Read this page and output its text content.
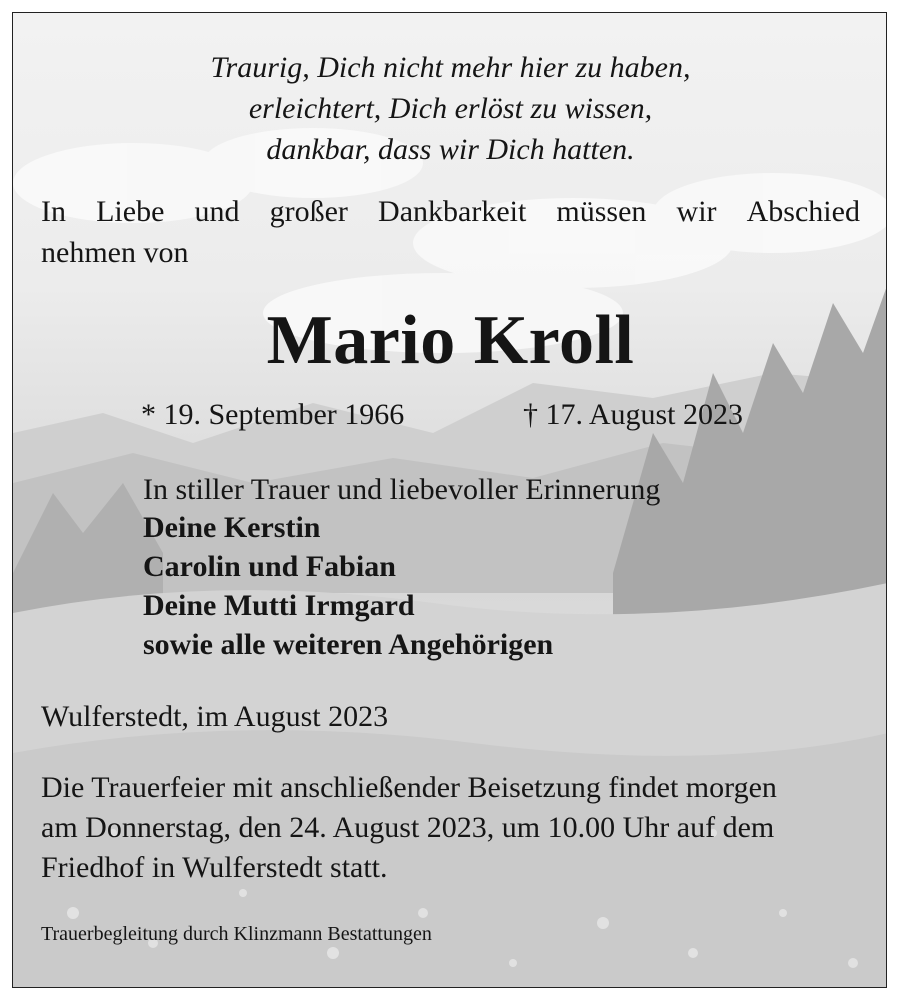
Traurig, Dich nicht mehr hier zu haben,
erleichtert, Dich erlöst zu wissen,
dankbar, dass wir Dich hatten.
In Liebe und großer Dankbarkeit müssen wir Abschied
nehmen von
Mario Kroll
* 19. September 1966	† 17. August 2023
In stiller Trauer und liebevoller Erinnerung
Deine Kerstin
Carolin und Fabian
Deine Mutti Irmgard
sowie alle weiteren Angehörigen
Wulferstedt, im August 2023
Die Trauerfeier mit anschließender Beisetzung findet morgen
am Donnerstag, den 24. August 2023, um 10.00 Uhr auf dem
Friedhof in Wulferstedt statt.
Trauerbegleitung durch Klinzmann Bestattungen
